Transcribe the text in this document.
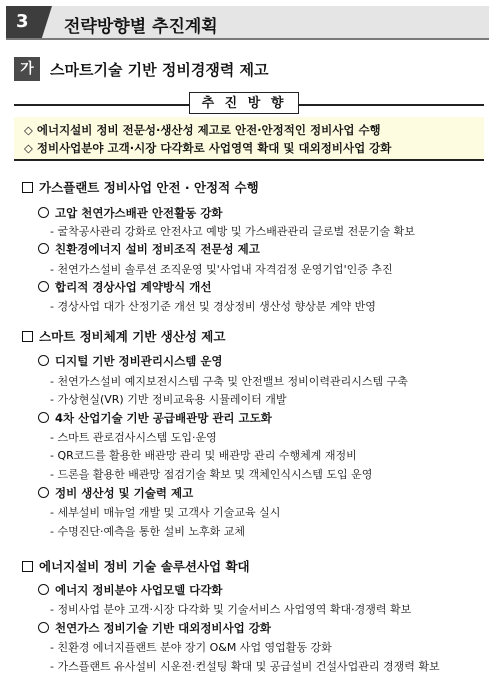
3 전략방향별 추진계획
가	스마트기술 기반 정비경쟁력 제고
추 진 방 향
◇ 에너지설비 정비 전문성·생산성 제고로 안전·안정적인 정비사업 수행
◇ 정비사업분야 고객·시장 다각화로 사업영역 확대 및 대외정비사업 강화
가스플랜트 정비사업 안전 · 안정적 수행
고압 천연가스배관 안전활동 강화
- 굴착공사관리 강화로 안전사고 예방 및 가스배관관리 글로벌 전문기술 확보
친환경에너지 설비 정비조직 전문성 제고
- 천연가스설비 솔루션 조직운영 및'사업내 자격검정 운영기업'인증 추진
합리적 경상사업 계약방식 개선
- 경상사업 대가 산정기준 개선 및 경상정비 생산성 향상분 계약 반영
스마트 정비체계 기반 생산성 제고
디지털 기반 정비관리시스템 운영
- 천연가스설비 예지보전시스템 구축 및 안전밸브 정비이력관리시스템 구축
- 가상현실(VR) 기반 정비교육용 시뮬레이터 개발
4차 산업기술 기반 공급배관망 관리 고도화
- 스마트 관로검사시스템 도입·운영
- QR코드를 활용한 배관망 관리 및 배관망 관리 수행체계 재정비
- 드론을 활용한 배관망 점검기술 확보 및 객체인식시스템 도입 운영
정비 생산성 및 기술력 제고
- 세부설비 매뉴얼 개발 및 고객사 기술교육 실시
- 수명진단·예측을 통한 설비 노후화 교체
에너지설비 정비 기술 솔루션사업 확대
에너지 정비분야 사업모델 다각화
- 정비사업 분야 고객·시장 다각화 및 기술서비스 사업영역 확대·경쟁력 확보
천연가스 정비기술 기반 대외정비사업 강화
- 친환경 에너지플랜트 분야 장기 O&M 사업 영업활동 강화
- 가스플랜트 유사설비 시운전·컨설팅 확대 및 공급설비 건설사업관리 경쟁력 확보
